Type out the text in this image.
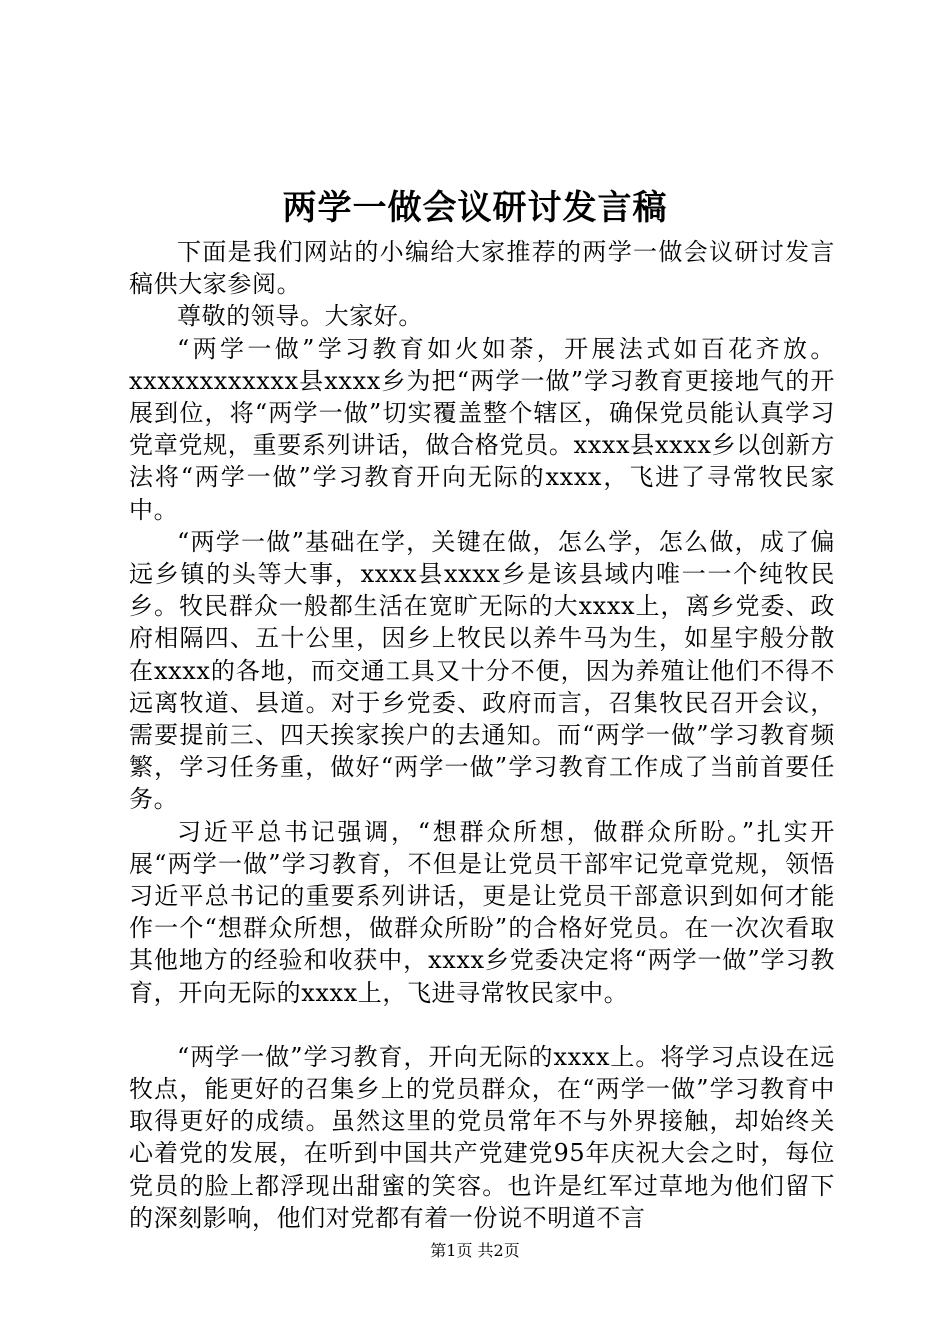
两学一做会议研讨发言稿

下面是我们网站的小编给大家推荐的两学一做会议研讨发言稿供大家参阅。

尊敬的领导。大家好。

“两学一做”学习教育如火如荼，开展法式如百花齐放。xxxxxxxxxxxx县xxxx乡为把“两学一做”学习教育更接地气的开展到位，将“两学一做”切实覆盖整个辖区，确保党员能认真学习党章党规，重要系列讲话，做合格党员。xxxx县xxxx乡以创新方法将“两学一做”学习教育开向无际的xxxx，飞进了寻常牧民家中。

“两学一做”基础在学，关键在做，怎么学，怎么做，成了偏远乡镇的头等大事，xxxx县xxxx乡是该县域内唯一一个纯牧民乡。牧民群众一般都生活在宽旷无际的大xxxx上，离乡党委、政府相隔四、五十公里，因乡上牧民以养牛马为生，如星宇般分散在xxxx的各地，而交通工具又十分不便，因为养殖让他们不得不远离牧道、县道。对于乡党委、政府而言，召集牧民召开会议，需要提前三、四天挨家挨户的去通知。而“两学一做”学习教育频繁，学习任务重，做好“两学一做”学习教育工作成了当前首要任务。

习近平总书记强调，“想群众所想，做群众所盼。”扎实开展“两学一做”学习教育，不但是让党员干部牢记党章党规，领悟习近平总书记的重要系列讲话，更是让党员干部意识到如何才能作一个“想群众所想，做群众所盼”的合格好党员。在一次次看取其他地方的经验和收获中，xxxx乡党委决定将“两学一做”学习教育，开向无际的xxxx上，飞进寻常牧民家中。

“两学一做”学习教育，开向无际的xxxx上。将学习点设在远牧点，能更好的召集乡上的党员群众，在“两学一做”学习教育中取得更好的成绩。虽然这里的党员常年不与外界接触，却始终关心着党的发展，在听到中国共产党建党95年庆祝大会之时，每位党员的脸上都浮现出甜蜜的笑容。也许是红军过草地为他们留下的深刻影响，他们对党都有着一份说不明道不言

第1页 共2页
